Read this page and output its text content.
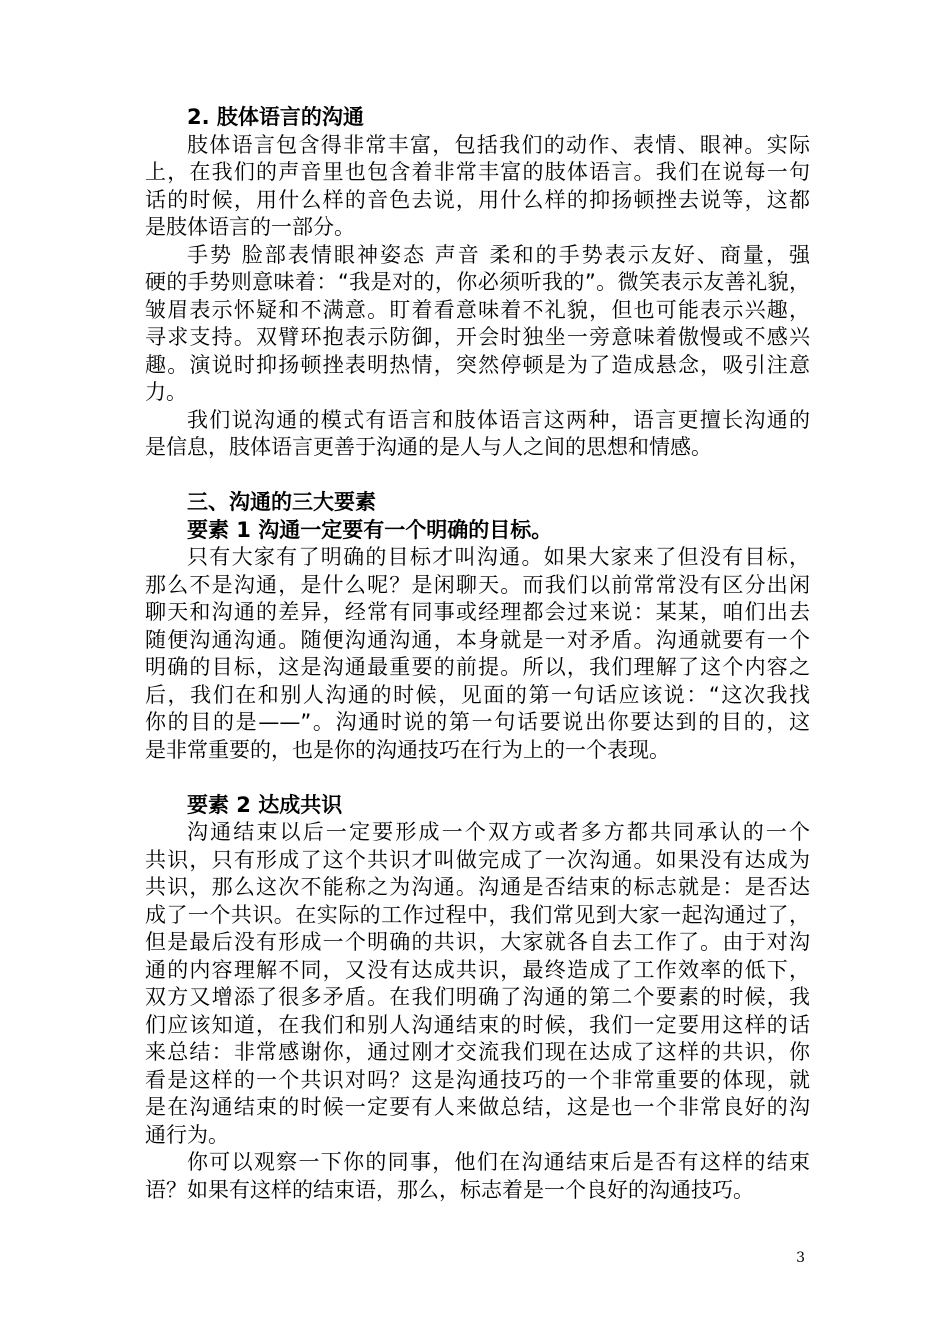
2. 肢体语言的沟通
肢体语言包含得非常丰富，包括我们的动作、表情、眼神。实际
上，在我们的声音里也包含着非常丰富的肢体语言。我们在说每一句
话的时候，用什么样的音色去说，用什么样的抑扬顿挫去说等，这都
是肢体语言的一部分。
手势 脸部表情眼神姿态 声音 柔和的手势表示友好、商量，强
硬的手势则意味着：“我是对的，你必须听我的”。微笑表示友善礼貌，
皱眉表示怀疑和不满意。盯着看意味着不礼貌，但也可能表示兴趣，
寻求支持。双臂环抱表示防御，开会时独坐一旁意味着傲慢或不感兴
趣。演说时抑扬顿挫表明热情，突然停顿是为了造成悬念，吸引注意
力。
我们说沟通的模式有语言和肢体语言这两种，语言更擅长沟通的
是信息，肢体语言更善于沟通的是人与人之间的思想和情感。
三、沟通的三大要素
要素 1 沟通一定要有一个明确的目标。
只有大家有了明确的目标才叫沟通。如果大家来了但没有目标，
那么不是沟通，是什么呢？是闲聊天。而我们以前常常没有区分出闲
聊天和沟通的差异，经常有同事或经理都会过来说：某某，咱们出去
随便沟通沟通。随便沟通沟通，本身就是一对矛盾。沟通就要有一个
明确的目标，这是沟通最重要的前提。所以，我们理解了这个内容之
后，我们在和别人沟通的时候，见面的第一句话应该说：“这次我找
你的目的是——”。沟通时说的第一句话要说出你要达到的目的，这
是非常重要的，也是你的沟通技巧在行为上的一个表现。
要素 2 达成共识
沟通结束以后一定要形成一个双方或者多方都共同承认的一个
共识，只有形成了这个共识才叫做完成了一次沟通。如果没有达成为
共识，那么这次不能称之为沟通。沟通是否结束的标志就是：是否达
成了一个共识。在实际的工作过程中，我们常见到大家一起沟通过了，
但是最后没有形成一个明确的共识，大家就各自去工作了。由于对沟
通的内容理解不同，又没有达成共识，最终造成了工作效率的低下，
双方又增添了很多矛盾。在我们明确了沟通的第二个要素的时候，我
们应该知道，在我们和别人沟通结束的时候，我们一定要用这样的话
来总结：非常感谢你，通过刚才交流我们现在达成了这样的共识，你
看是这样的一个共识对吗？这是沟通技巧的一个非常重要的体现，就
是在沟通结束的时候一定要有人来做总结，这是也一个非常良好的沟
通行为。
你可以观察一下你的同事，他们在沟通结束后是否有这样的结束
语？如果有这样的结束语，那么，标志着是一个良好的沟通技巧。
3
